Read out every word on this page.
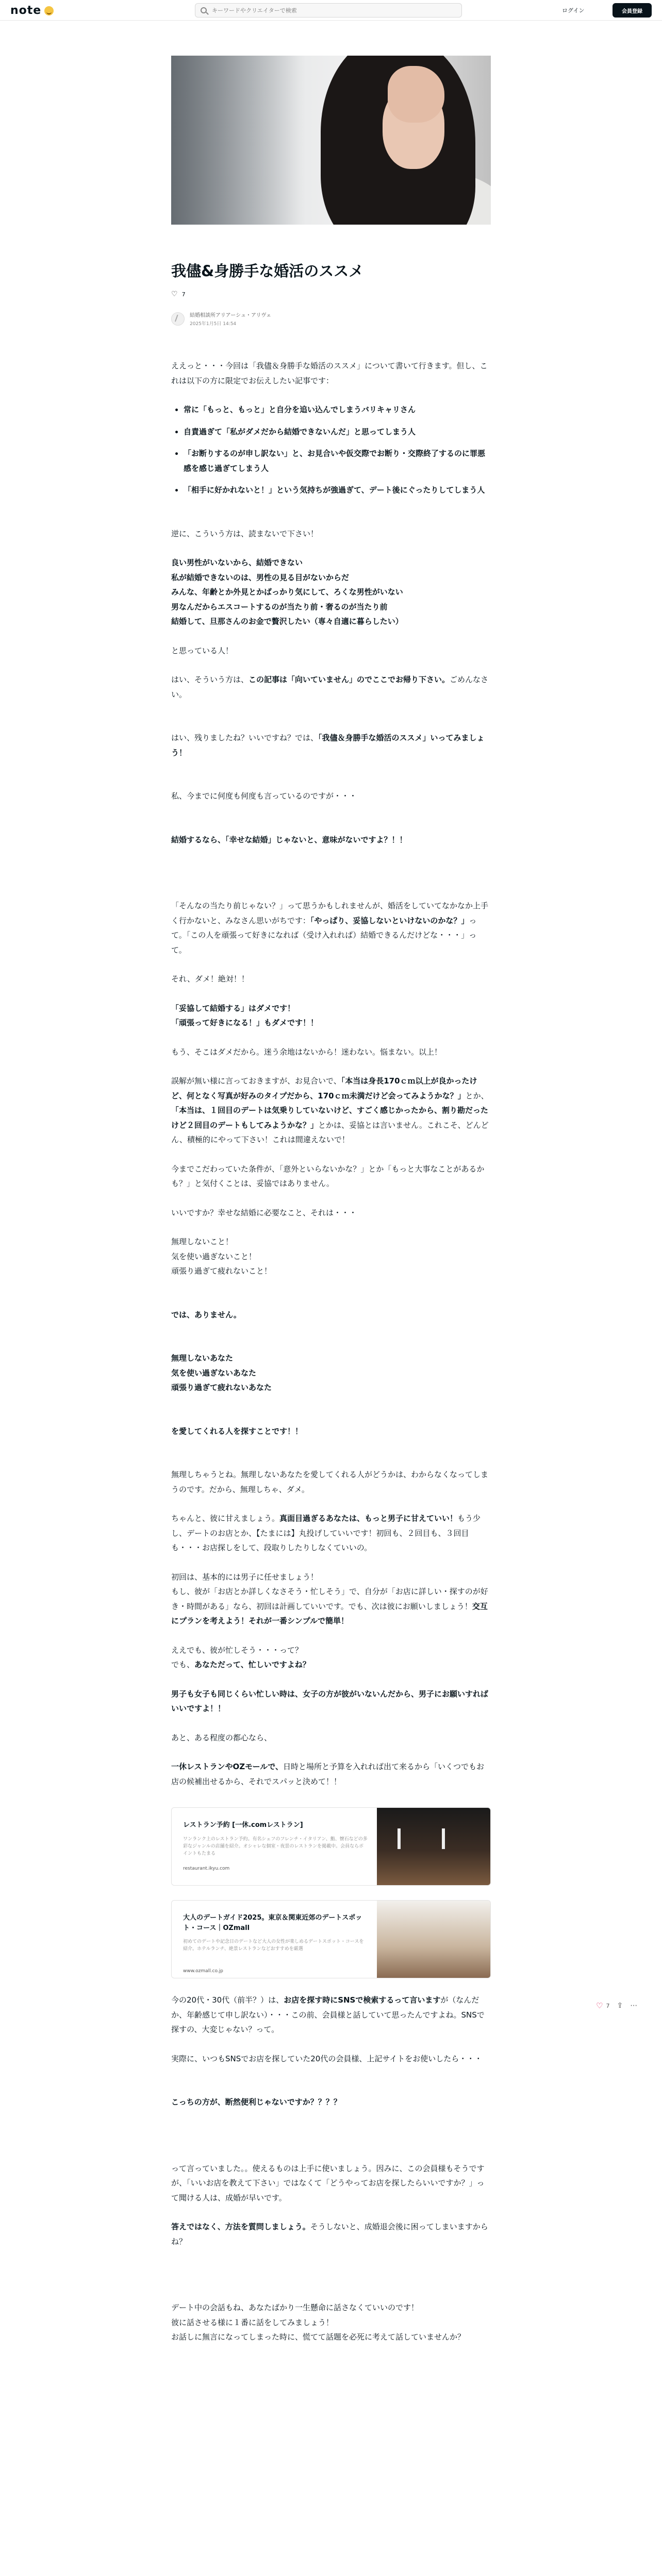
note
キーワードやクリエイターで検索	ログイン	会員登録
我儘&身勝手な婚活のススメ
♡ 7
結婚相談所アリアーシュ・アリヴェ
2025年1月5日 14:54

ええっと・・・今回は「我儘＆身勝手な婚活のススメ」について書いて行きます。但し、これは以下の方に限定でお伝えしたい記事です：

• 常に「もっと、もっと」と自分を追い込んでしまうバリキャリさん
• 自責過ぎて「私がダメだから結婚できないんだ」と思ってしまう人
• 「お断りするのが申し訳ない」と、お見合いや仮交際でお断り・交際終了するのに罪悪感を感じ過ぎてしまう人
• 「相手に好かれないと！」という気持ちが強過ぎて、デート後にぐったりしてしまう人

逆に、こういう方は、読まないで下さい！

良い男性がいないから、結婚できない

私が結婚できないのは、男性の見る目がないからだ

みんな、年齢とか外見とかばっかり気にして、ろくな男性がいない

男なんだからエスコートするのが当たり前・奢るのが当たり前

結婚して、旦那さんのお金で贅沢したい（専々自適に暮らしたい）

と思っている人！

はい、そういう方は、この記事は「向いていません」のでここでお帰り下さい。ごめんなさい。

はい、残りましたね？いいですね？では、「我儘＆身勝手な婚活のススメ」いってみましょう！

私、今までに何度も何度も言っているのですが・・・

結婚するなら、「幸せな結婚」じゃないと、意味がないですよ？！！

「そんなの当たり前じゃない？」って思うかもしれませんが、婚活をしていてなかなか上手く行かないと、みなさん思いがちです：「やっぱり、妥協しないといけないのかな？」って。「この人を頑張って好きになれば（受け入れれば）結婚できるんだけどな・・・」って。

それ、ダメ！絶対！！

「妥協して結婚する」はダメです！

「頑張って好きになる！」もダメです！！

もう、そこはダメだから。迷う余地はないから！迷わない。悩まない。以上！

誤解が無い様に言っておきますが、お見合いで、「本当は身長170ｃｍ以上が良かったけど、何となく写真が好みのタイプだから、170ｃｍ未満だけど会ってみようかな？」とか、「本当は、１回目のデートは気乗りしていないけど、すごく感じかったから、割り勘だったけど２回目のデートもしてみようかな？」とかは、妥協とは言いません。これこそ、どんどん、積極的にやって下さい！これは間違えないで！

今までこだわっていた条件が、「意外といらないかな？」とか「もっと大事なことがあるかも？」と気付くことは、妥協ではありません。

いいですか？幸せな結婚に必要なこと、それは・・・

無理しないこと！

気を使い過ぎないこと！

頑張り過ぎて疲れないこと！

では、ありません。

無理しないあなた

気を使い過ぎないあなた

頑張り過ぎて疲れないあなた

を愛してくれる人を探すことです！！

無理しちゃうとね。無理しないあなたを愛してくれる人がどうかは、わからなくなってしまうのです。だから、無理しちゃ、ダメ。

ちゃんと、彼に甘えましょう。真面目過ぎるあなたは、もっと男子に甘えていい！もう少し、デートのお店とか、【たまには】丸投げしていいです！初回も、２回目も、３回目も・・・お店探しをして、段取りしたりしなくていいの。

初回は、基本的には男子に任せましょう！

もし、彼が「お店とか詳しくなさそう・忙しそう」で、自分が「お店に詳しい・探すのが好き・時間がある」なら、初回は計画していいです。でも、次は彼にお願いしましょう！交互にプランを考えよう！それが一番シンプルで簡単！

ええでも、彼が忙しそう・・・って？

でも、あなただって、忙しいですよね？

男子も女子も同じくらい忙しい時は、女子の方が彼がいないんだから、男子にお願いすればいいですよ！！

あと、ある程度の都心なら、

一休レストランやOZモールで、日時と場所と予算を入れれば出て来るから「いくつでもお店の候補出せるから、それでスパッと決めて！！

レストラン予約 [一休.comレストラン]
ワンランク上のレストラン予約。有名シェフのフレンチ・イタリアン、鮨、懐石などの多彩なジャンルの店舗を紹介。オシャレな個室・夜景のレストランを掲載中。会員ならポイントもたまる
restaurant.ikyu.com
大人のデートガイド2025。東京＆関東近郊のデートスポット・コース｜OZmall
初めてのデートや記念日のデートなど大人の女性が楽しめるデートスポット・コースを紹介。ホテルランチ、絶景レストランなどおすすめを厳選
www.ozmall.co.jp

今の20代・30代（前半？）は、お店を探す時にSNSで検索するって言いますが（なんだか、年齢感じて申し訳ない）・・・この前、会員様と話していて思ったんですよね。SNSで探すの、大変じゃない？って。

実際に、いつもSNSでお店を探していた20代の会員様、上記サイトをお使いしたら・・・

こっちの方が、断然便利じゃないですか？？？？

って言っていました。。使えるものは上手に使いましょう。因みに、この会員様もそうですが、「いいお店を教えて下さい」ではなくて「どうやってお店を探したらいいですか？」って聞ける人は、成婚が早いです。

答えではなく、方法を質問しましょう。そうしないと、成婚退会後に困ってしまいますからね？

デート中の会話もね、あなたばかり一生懸命に話さなくていいのです！

彼に話させる様に１番に話をしてみましょう！

お話しに無言になってしまった時に、慌てて話題を必死に考えて話していませんか？

♡ 7 ⇪ ⋯
